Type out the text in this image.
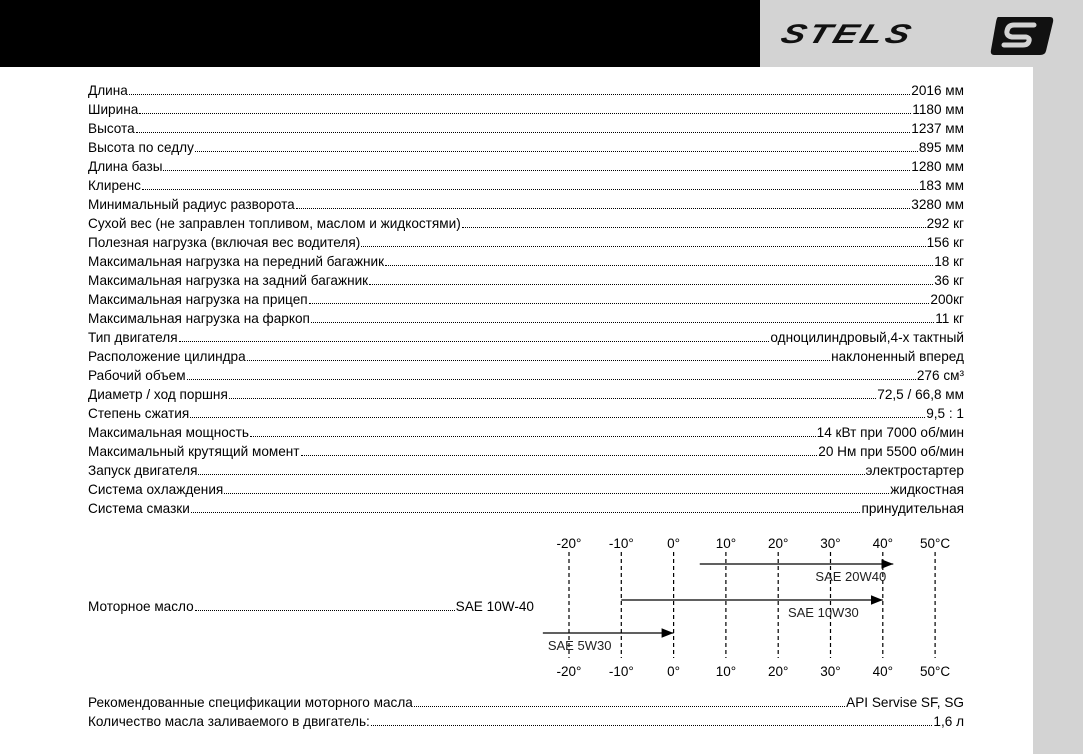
STELS
Длина	2016 мм
Ширина	1180 мм
Высота	1237 мм
Высота по седлу	895 мм
Длина базы	1280 мм
Клиренс	183 мм
Минимальный радиус разворота	3280 мм
Сухой вес (не заправлен топливом, маслом и жидкостями)	292 кг
Полезная нагрузка (включая вес водителя)	156 кг
Максимальная нагрузка на передний багажник	18 кг
Максимальная нагрузка на задний багажник	36 кг
Максимальная нагрузка на прицеп	200кг
Максимальная нагрузка на фаркоп	11 кг
Тип двигателя	одноцилиндровый,4-х тактный
Расположение цилиндра	наклоненный вперед
Рабочий объем	276 см³
Диаметр / ход поршня	72,5 / 66,8 мм
Степень сжатия	9,5 : 1
Максимальная мощность	14 кВт при 7000 об/мин
Максимальный крутящий момент	20 Нм при 5500 об/мин
Запуск двигателя	электростартер
Система охлаждения	жидкостная
Система смазки	принудительная
Моторное масло	SAE 10W-40
-20°
-20°
-10°
-10°
0°
0°
10°
10°
20°
20°
30°
30°
40°
40°
50°C
50°C
SAE 20W40
SAE 10W30
SAE 5W30
Рекомендованные спецификации моторного масла	API Servise SF, SG
Количество масла заливаемого в двигатель:	1,6 л
